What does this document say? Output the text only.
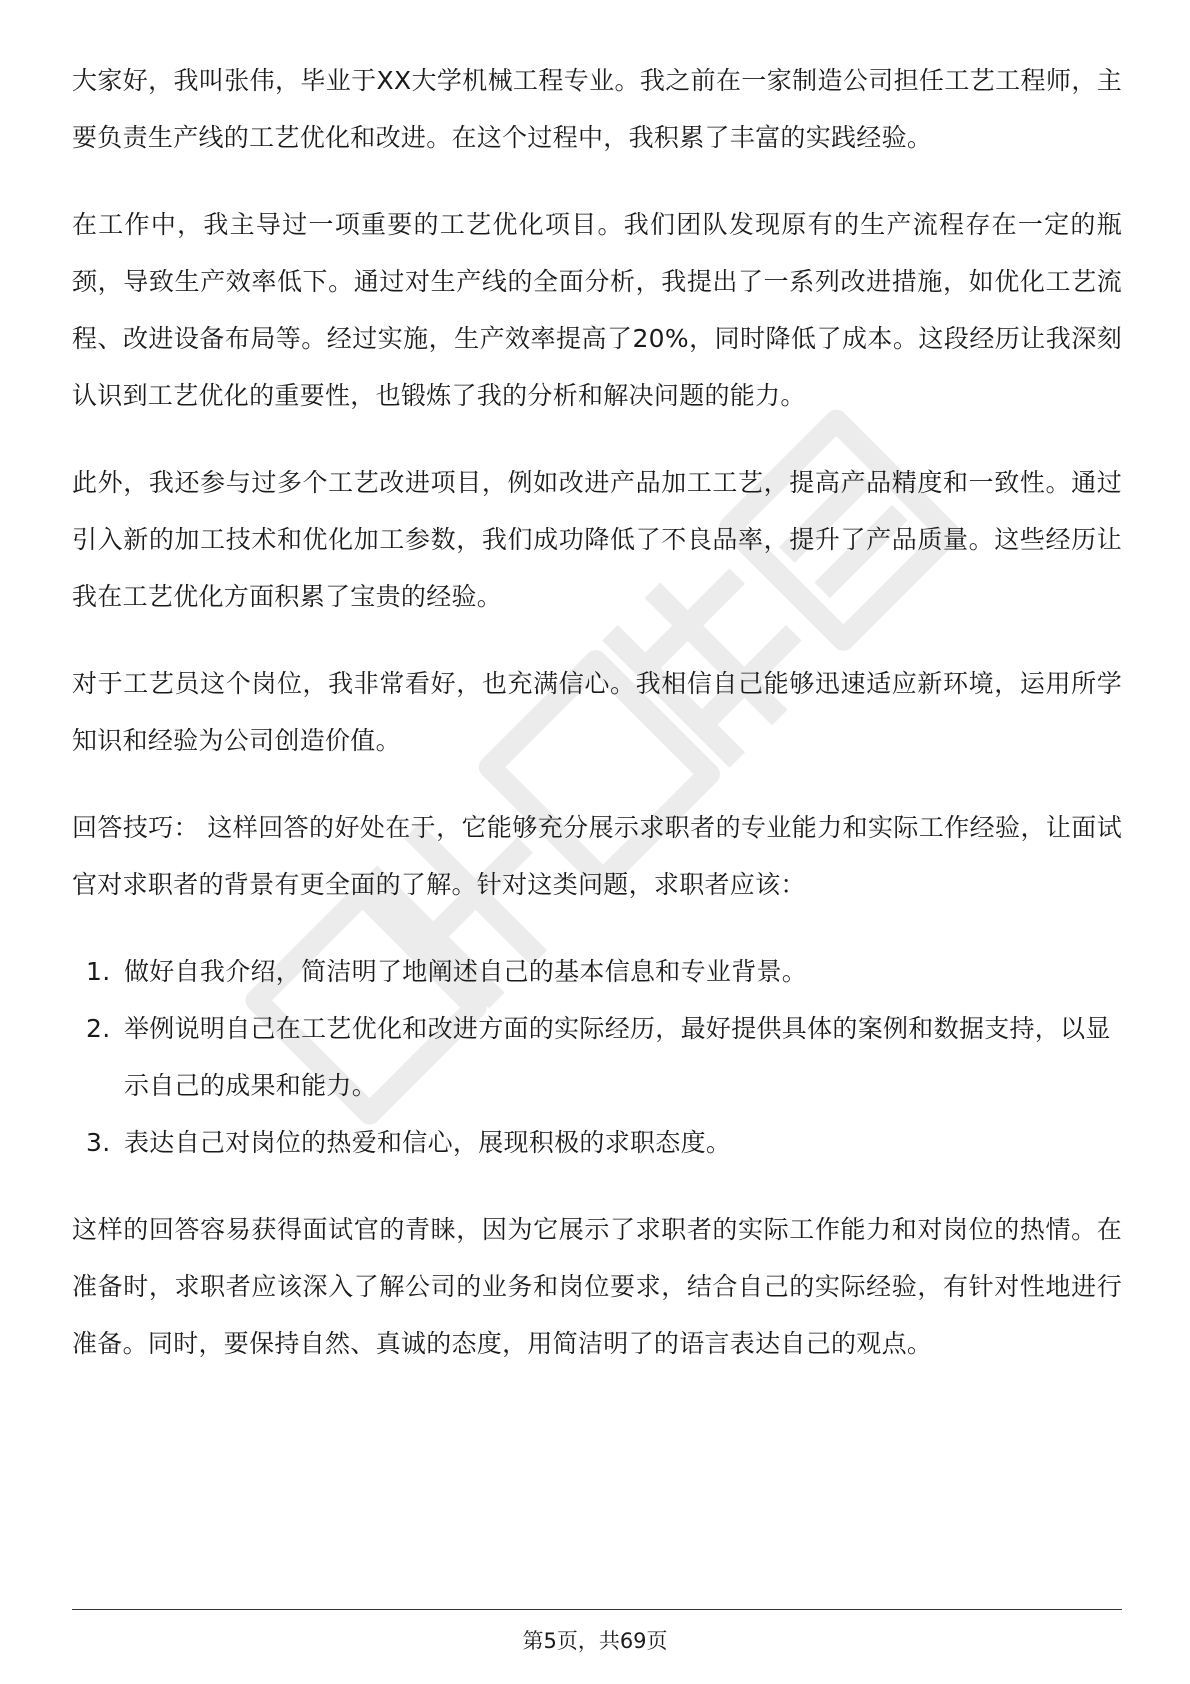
大家好，我叫张伟，毕业于XX大学机械工程专业。我之前在一家制造公司担任工艺工程师，主要负责生产线的工艺优化和改进。在这个过程中，我积累了丰富的实践经验。

在工作中，我主导过一项重要的工艺优化项目。我们团队发现原有的生产流程存在一定的瓶颈，导致生产效率低下。通过对生产线的全面分析，我提出了一系列改进措施，如优化工艺流程、改进设备布局等。经过实施，生产效率提高了20%，同时降低了成本。这段经历让我深刻认识到工艺优化的重要性，也锻炼了我的分析和解决问题的能力。

此外，我还参与过多个工艺改进项目，例如改进产品加工工艺，提高产品精度和一致性。通过引入新的加工技术和优化加工参数，我们成功降低了不良品率，提升了产品质量。这些经历让我在工艺优化方面积累了宝贵的经验。

对于工艺员这个岗位，我非常看好，也充满信心。我相信自己能够迅速适应新环境，运用所学知识和经验为公司创造价值。

回答技巧： 这样回答的好处在于，它能够充分展示求职者的专业能力和实际工作经验，让面试官对求职者的背景有更全面的了解。针对这类问题，求职者应该：

1. 做好自我介绍，简洁明了地阐述自己的基本信息和专业背景。
2. 举例说明自己在工艺优化和改进方面的实际经历，最好提供具体的案例和数据支持，以显示自己的成果和能力。
3. 表达自己对岗位的热爱和信心，展现积极的求职态度。

这样的回答容易获得面试官的青睐，因为它展示了求职者的实际工作能力和对岗位的热情。在准备时，求职者应该深入了解公司的业务和岗位要求，结合自己的实际经验，有针对性地进行准备。同时，要保持自然、真诚的态度，用简洁明了的语言表达自己的观点。

第5页，共69页
